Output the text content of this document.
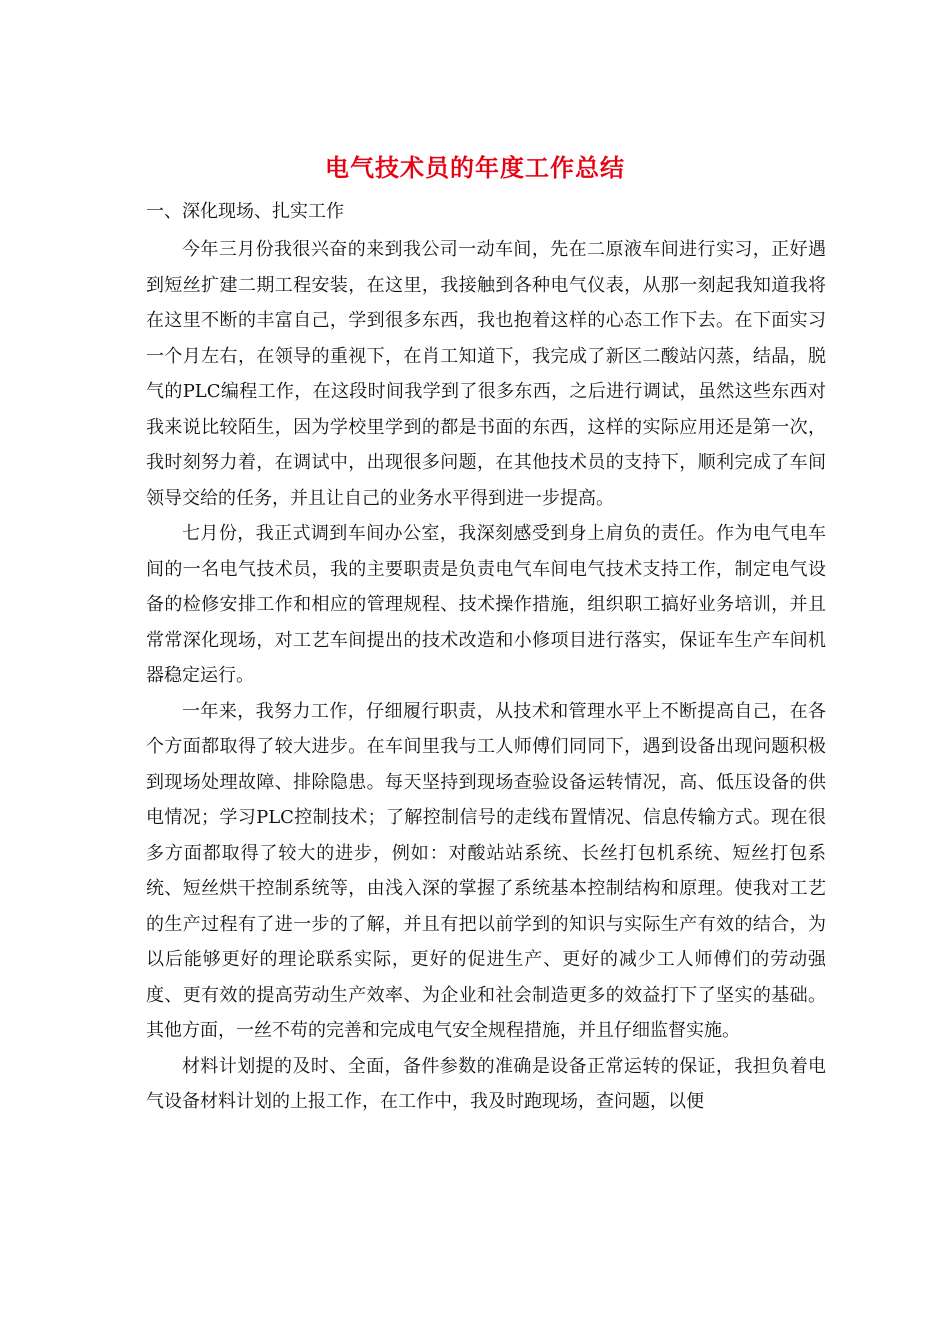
电气技术员的年度工作总结

一、深化现场、扎实工作

今年三月份我很兴奋的来到我公司一动车间，先在二原液车间进行实习，正好遇到短丝扩建二期工程安装，在这里，我接触到各种电气仪表，从那一刻起我知道我将在这里不断的丰富自己，学到很多东西，我也抱着这样的心态工作下去。在下面实习一个月左右，在领导的重视下，在肖工知道下，我完成了新区二酸站闪蒸，结晶，脱气的PLC编程工作，在这段时间我学到了很多东西，之后进行调试，虽然这些东西对我来说比较陌生，因为学校里学到的都是书面的东西，这样的实际应用还是第一次，我时刻努力着，在调试中，出现很多问题，在其他技术员的支持下，顺利完成了车间领导交给的任务，并且让自己的业务水平得到进一步提高。

七月份，我正式调到车间办公室，我深刻感受到身上肩负的责任。作为电气电车间的一名电气技术员，我的主要职责是负责电气车间电气技术支持工作，制定电气设备的检修安排工作和相应的管理规程、技术操作措施，组织职工搞好业务培训，并且常常深化现场，对工艺车间提出的技术改造和小修项目进行落实，保证车生产车间机器稳定运行。

一年来，我努力工作，仔细履行职责，从技术和管理水平上不断提高自己，在各个方面都取得了较大进步。在车间里我与工人师傅们同同下，遇到设备出现问题积极到现场处理故障、排除隐患。每天坚持到现场查验设备运转情况，高、低压设备的供电情况；学习PLC控制技术；了解控制信号的走线布置情况、信息传输方式。现在很多方面都取得了较大的进步，例如：对酸站站系统、长丝打包机系统、短丝打包系统、短丝烘干控制系统等，由浅入深的掌握了系统基本控制结构和原理。使我对工艺的生产过程有了进一步的了解，并且有把以前学到的知识与实际生产有效的结合，为以后能够更好的理论联系实际，更好的促进生产、更好的减少工人师傅们的劳动强度、更有效的提高劳动生产效率、为企业和社会制造更多的效益打下了坚实的基础。其他方面，一丝不苟的完善和完成电气安全规程措施，并且仔细监督实施。

材料计划提的及时、全面，备件参数的准确是设备正常运转的保证，我担负着电气设备材料计划的上报工作，在工作中，我及时跑现场，查问题，以便
